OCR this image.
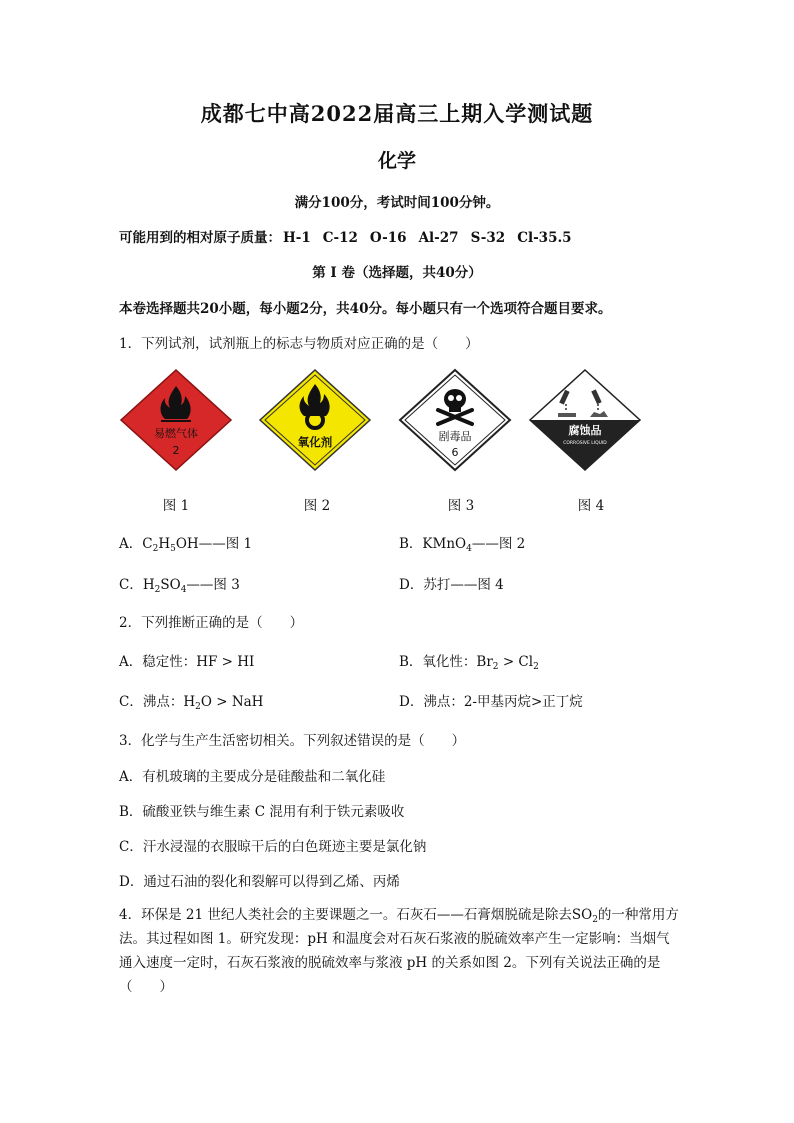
成都七中高2022届高三上期入学测试题
化学
满分100分，考试时间100分钟。
可能用到的相对原子质量： H-1 C-12 O-16 Al-27 S-32 Cl-35.5
第 I 卷（选择题，共40分）
本卷选择题共20小题，每小题2分，共40分。每小题只有一个选项符合题目要求。
1．下列试剂，试剂瓶上的标志与物质对应正确的是（　　）
易燃气体
2
氧化剂	剧毒品
6
腐蚀品
CORROSIVE LIQUID
图 1	图 2	图 3	图 4
A．$C_2H_5OH——$图 1	B．KMnO$_4$——图 2
C．$H_2SO_4——$图 3	D．苏打——图 4
2．下列推断正确的是（　　）
A．稳定性：HF > HI	B．氧化性：$Br_2 > Cl_2$
C．沸点：$H_2O$ > NaH	D．沸点：2-甲基丙烷>正丁烷
3．化学与生产生活密切相关。下列叙述错误的是（　　）
A．有机玻璃的主要成分是硅酸盐和二氧化硅
B．硫酸亚铁与维生素 C 混用有利于铁元素吸收
C．汗水浸湿的衣服晾干后的白色斑迹主要是氯化钠
D．通过石油的裂化和裂解可以得到乙烯、丙烯
4．环保是 21 世纪人类社会的主要课题之一。石灰石——石膏烟脱硫是除去$SO_2$的一种常用方法。其过程如图 1。研究发现：pH 和温度会对石灰石浆液的脱硫效率产生一定影响：当烟气通入速度一定时，石灰石浆液的脱硫效率与浆液 pH 的关系如图 2。下列有关说法正确的是（　　）
